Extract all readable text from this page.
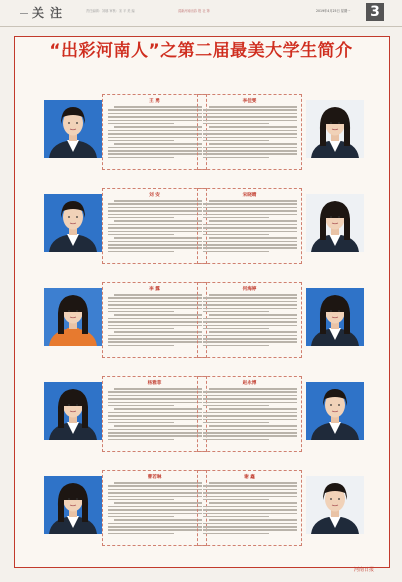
关注	责任编辑：刘娜 审核：宋 平 美 编	清新河南出彩 报 社 第	2019年4月25日 星期一 3
“出彩河南人”之第二届最美大学生简介
王 勇	李佳雯
刘 安	宋晓晴
李 露	何海婷
杨雅菲	赵永博
曹若琳	谢 鑫
河南日报
